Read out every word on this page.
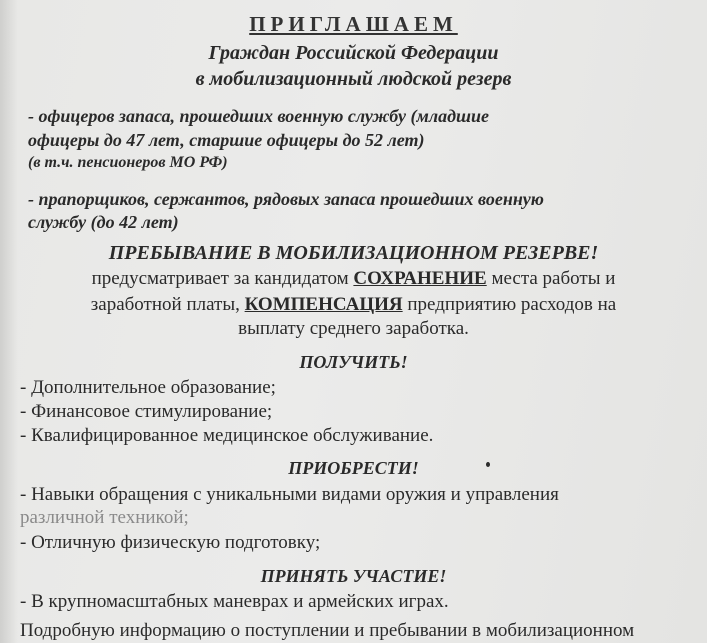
ПРИГЛАШАЕМ
Граждан Российской Федерации
в мобилизационный людской резерв
- офицеров запаса, прошедших военную службу (младшие
офицеры до 47 лет, старшие офицеры до 52 лет)
(в т.ч. пенсионеров МО РФ)
- прапорщиков, сержантов, рядовых запаса прошедших военную
службу (до 42 лет)
ПРЕБЫВАНИЕ В МОБИЛИЗАЦИОННОМ РЕЗЕРВЕ!
предусматривает за кандидатом СОХРАНЕНИЕ места работы и
заработной платы, КОМПЕНСАЦИЯ предприятию расходов на
выплату среднего заработка.
ПОЛУЧИТЬ!
- Дополнительное образование;
- Финансовое стимулирование;
- Квалифицированное медицинское обслуживание.
ПРИОБРЕСТИ!
- Навыки обращения с уникальными видами оружия и управления
различной техникой;
- Отличную физическую подготовку;
ПРИНЯТЬ УЧАСТИЕ!
- В крупномасштабных маневрах и армейских играх.
Подробную информацию о поступлении и пребывании в мобилизационном
